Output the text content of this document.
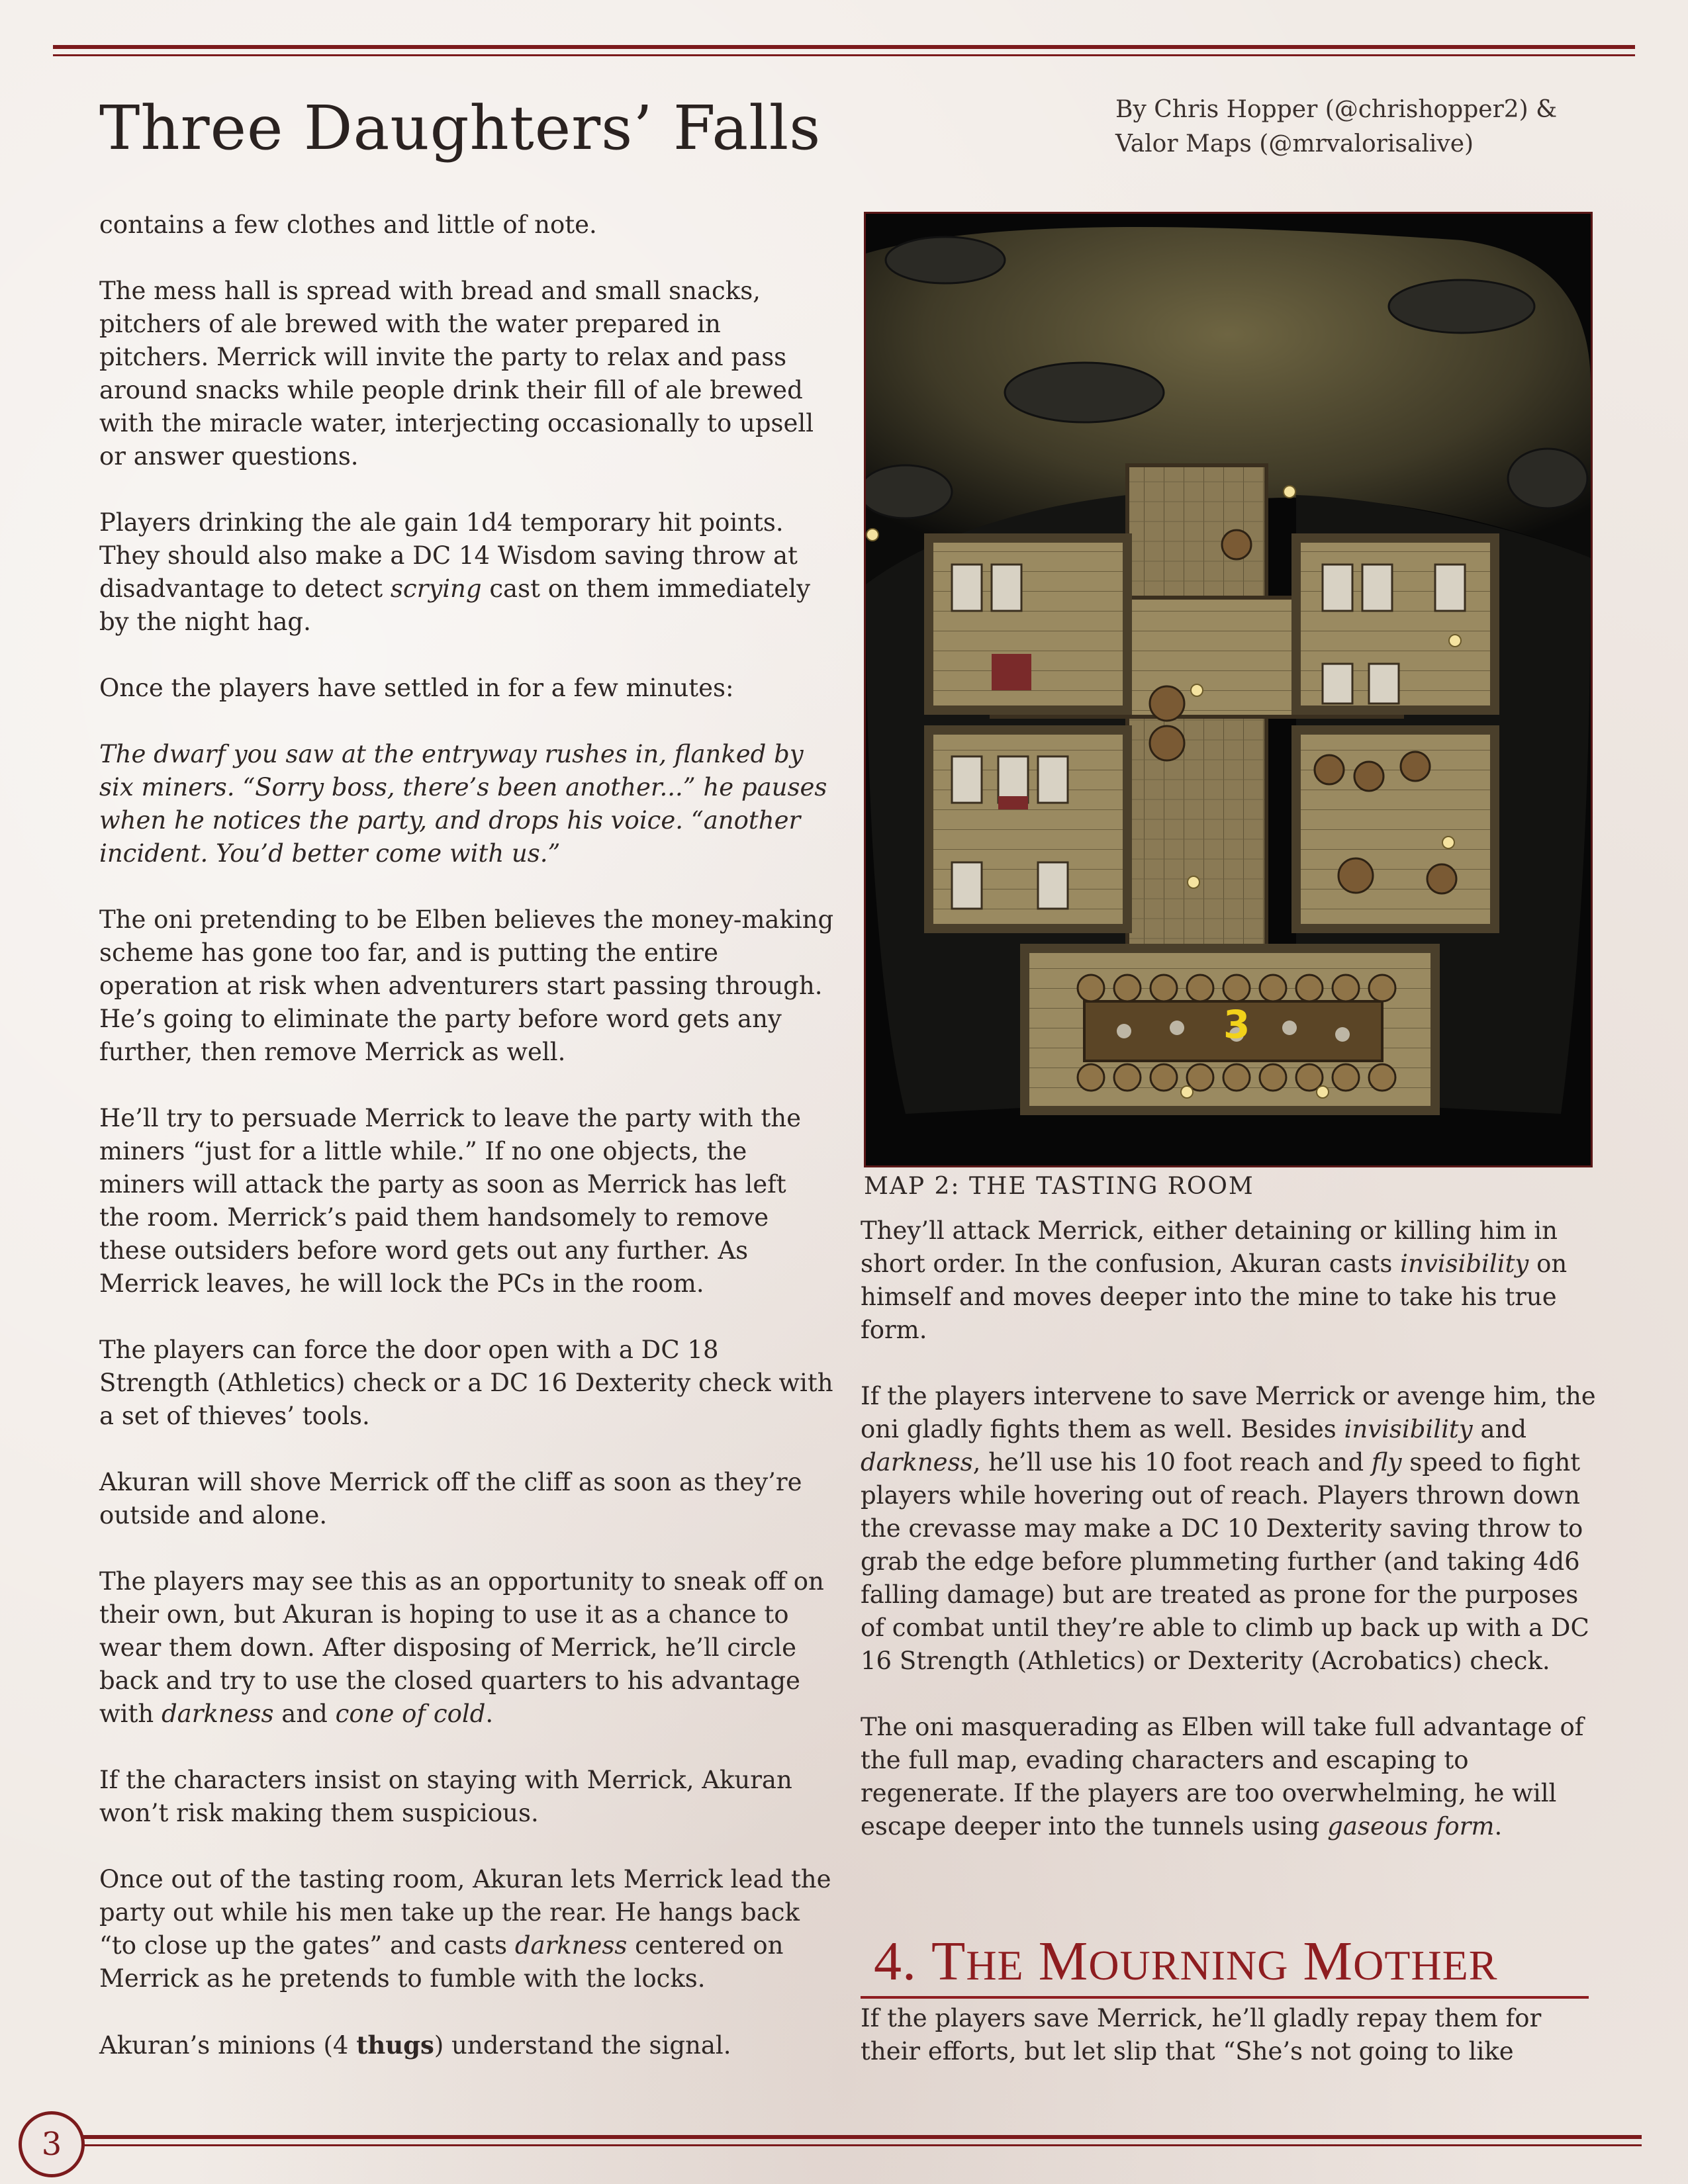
Three Daughters’ Falls	By Chris Hopper (@chrishopper2) &
Valor Maps (@mrvalorisalive)

contains a few clothes and little of note.

The mess hall is spread with bread and small snacks, pitchers of ale brewed with the water prepared in pitchers. Merrick will invite the party to relax and pass around snacks while people drink their fill of ale brewed with the miracle water, interjecting occasionally to upsell or answer questions.

Players drinking the ale gain 1d4 temporary hit points. They should also make a DC 14 Wisdom saving throw at disadvantage to detect scrying cast on them immediately by the night hag.

Once the players have settled in for a few minutes:

The dwarf you saw at the entryway rushes in, flanked by six miners. “Sorry boss, there’s been another...” he pauses when he notices the party, and drops his voice. “another incident. You’d better come with us.”

The oni pretending to be Elben believes the money-making scheme has gone too far, and is putting the entire operation at risk when adventurers start passing through. He’s going to eliminate the party before word gets any further, then remove Merrick as well.

He’ll try to persuade Merrick to leave the party with the miners “just for a little while.” If no one objects, the miners will attack the party as soon as Merrick has left the room. Merrick’s paid them handsomely to remove these outsiders before word gets out any further. As Merrick leaves, he will lock the PCs in the room.

The players can force the door open with a DC 18 Strength (Athletics) check or a DC 16 Dexterity check with a set of thieves’ tools.

Akuran will shove Merrick off the cliff as soon as they’re outside and alone.

The players may see this as an opportunity to sneak off on their own, but Akuran is hoping to use it as a chance to wear them down. After disposing of Merrick, he’ll circle back and try to use the closed quarters to his advantage with darkness and cone of cold.

If the characters insist on staying with Merrick, Akuran won’t risk making them suspicious.

Once out of the tasting room, Akuran lets Merrick lead the party out while his men take up the rear. He hangs back “to close up the gates” and casts darkness centered on Merrick as he pretends to fumble with the locks.

Akuran’s minions (4 thugs) understand the signal.

3
MAP 2: THE TASTING ROOM

They’ll attack Merrick, either detaining or killing him in short order. In the confusion, Akuran casts invisibility on himself and moves deeper into the mine to take his true form.

If the players intervene to save Merrick or avenge him, the oni gladly fights them as well. Besides invisibility and darkness, he’ll use his 10 foot reach and fly speed to fight players while hovering out of reach. Players thrown down the crevasse may make a DC 10 Dexterity saving throw to grab the edge before plummeting further (and taking 4d6 falling damage) but are treated as prone for the purposes of combat until they’re able to climb up back up with a DC 16 Strength (Athletics) or Dexterity (Acrobatics) check.

The oni masquerading as Elben will take full advantage of the full map, evading characters and escaping to regenerate. If the players are too overwhelming, he will escape deeper into the tunnels using gaseous form.

4. THE MOURNING MOTHER

If the players save Merrick, he’ll gladly repay them for their efforts, but let slip that “She’s not going to like

3
